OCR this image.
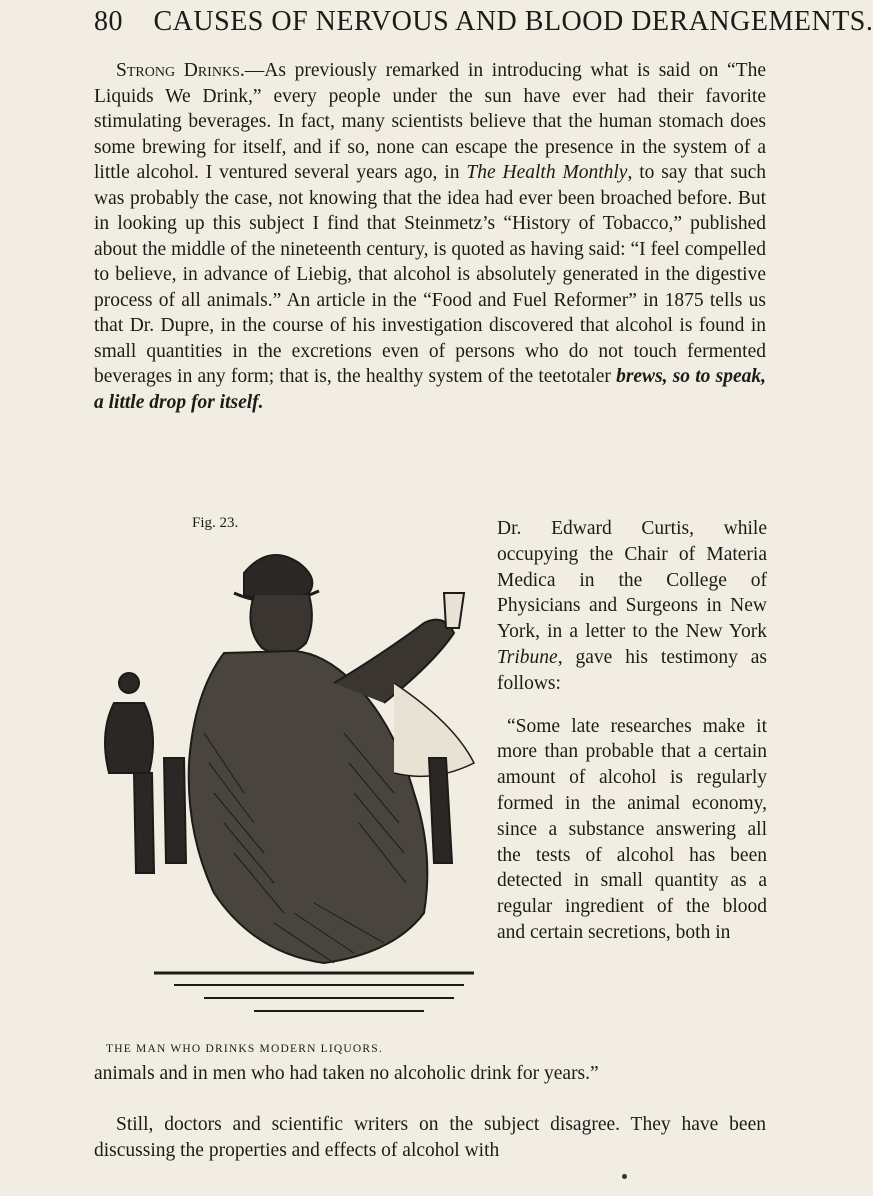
80 CAUSES OF NERVOUS AND BLOOD DERANGEMENTS.
Strong Drinks.—As previously remarked in introducing what is said on “The Liquids We Drink,” every people under the sun have ever had their favorite stimulating beverages. In fact, many scientists believe that the human stomach does some brewing for itself, and if so, none can escape the presence in the system of a little alcohol. I ventured several years ago, in The Health Monthly, to say that such was probably the case, not knowing that the idea had ever been broached before. But in looking up this subject I find that Steinmetz’s “History of Tobacco,” published about the middle of the nineteenth century, is quoted as having said: “I feel compelled to believe, in advance of Liebig, that alcohol is absolutely generated in the digestive process of all animals.” An article in the “Food and Fuel Reformer” in 1875 tells us that Dr. Dupre, in the course of his investigation discovered that alcohol is found in small quantities in the excretions even of persons who do not touch fermented beverages in any form; that is, the healthy system of the teetotaler brews, so to speak, a little drop for itself.
Fig. 23.
THE MAN WHO DRINKS MODERN LIQUORS.

Dr. Edward Curtis, while occupying the Chair of Materia Medica in the College of Physicians and Surgeons in New York, in a letter to the New York Tribune, gave his testimony as follows:

“Some late researches make it more than probable that a certain amount of alcohol is regularly formed in the animal economy, since a substance answering all the tests of alcohol has been detected in small quantity as a regular ingredient of the blood and certain secretions, both in

animals and in men who had taken no alcoholic drink for years.”

Still, doctors and scientific writers on the subject disagree. They have been discussing the properties and effects of alcohol with
